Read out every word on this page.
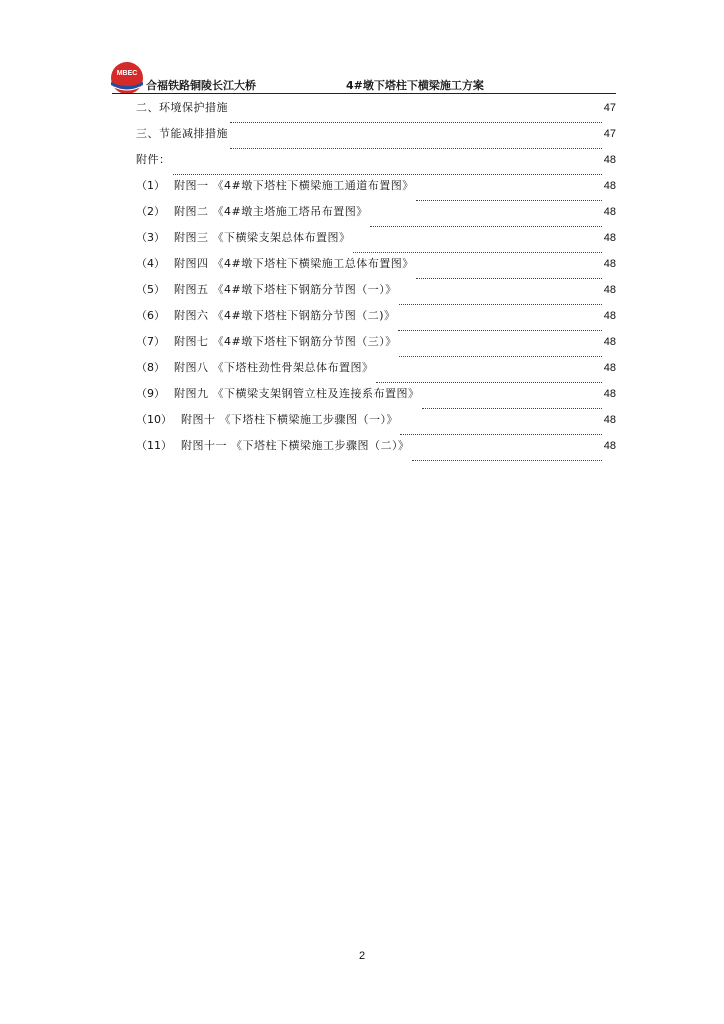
MBEC
合福铁路铜陵长江大桥	4#墩下塔柱下横梁施工方案
二、环境保护措施	47
三、节能减排措施	47
附件：	48
（1） 附图一 《4#墩下塔柱下横梁施工通道布置图》	48
（2） 附图二 《4#墩主塔施工塔吊布置图》	48
（3） 附图三 《下横梁支架总体布置图》	48
（4） 附图四 《4#墩下塔柱下横梁施工总体布置图》	48
（5） 附图五 《4#墩下塔柱下钢筋分节图（一）》	48
（6） 附图六 《4#墩下塔柱下钢筋分节图（二)》	48
（7） 附图七 《4#墩下塔柱下钢筋分节图（三）》	48
（8） 附图八 《下塔柱劲性骨架总体布置图》	48
（9） 附图九 《下横梁支架钢管立柱及连接系布置图》	48
（10） 附图十 《下塔柱下横梁施工步骤图（一）》	48
（11） 附图十一 《下塔柱下横梁施工步骤图（二）》	48
2
